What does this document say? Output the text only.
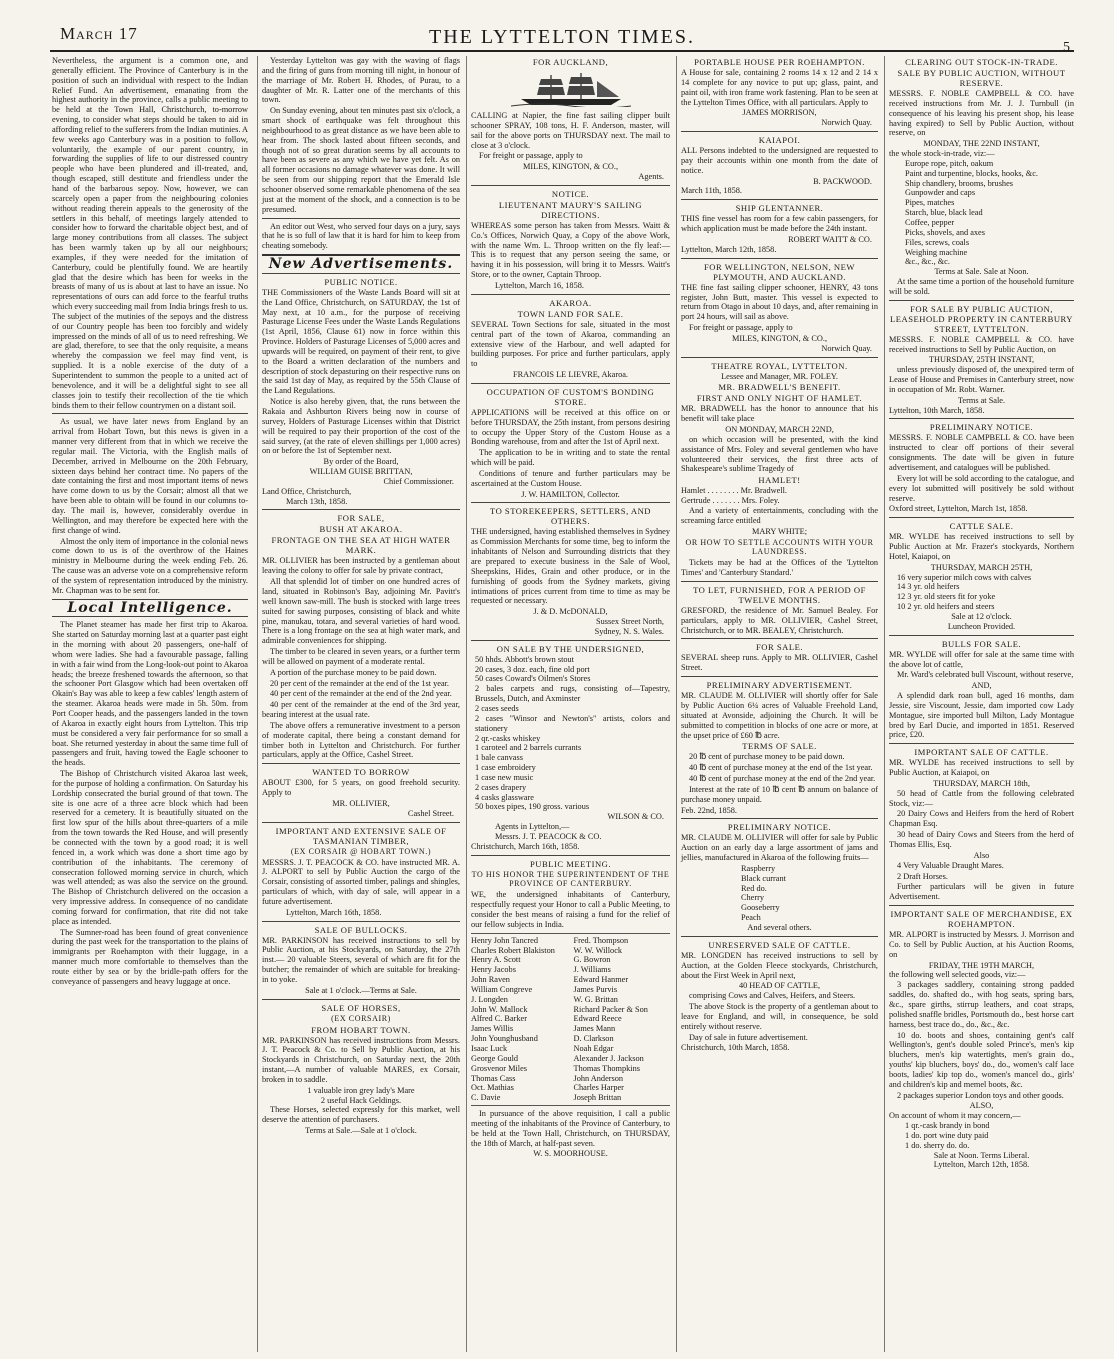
March 17	THE LYTTELTON TIMES.	5

Nevertheless, the argument is a common one, and generally efficient. The Province of Canterbury is in the position of such an individual with respect to the Indian Relief Fund. An advertisement, emanating from the highest authority in the province, calls a public meeting to be held at the Town Hall, Christchurch, to-morrow evening, to consider what steps should be taken to aid in affording relief to the sufferers from the Indian mutinies. A few weeks ago Canterbury was in a position to follow, voluntarily, the example of our parent country, in forwarding the supplies of life to our distressed country people who have been plundered and ill-treated, and, though escaped, still destitute and friendless under the hand of the barbarous sepoy. Now, however, we can scarcely open a paper from the neighbouring colonies without reading therein appeals to the generosity of the settlers in this behalf, of meetings largely attended to consider how to forward the charitable object best, and of large money contributions from all classes. The subject has been warmly taken up by all our neighbours; examples, if they were needed for the imitation of Canterbury, could be plentifully found. We are heartily glad that the desire which has been for weeks in the breasts of many of us is about at last to have an issue. No representations of ours can add force to the fearful truths which every succeeding mail from India brings fresh to us. The subject of the mutinies of the sepoys and the distress of our Country people has been too forcibly and widely impressed on the minds of all of us to need refreshing. We are glad, therefore, to see that the only requisite, a means whereby the compassion we feel may find vent, is supplied. It is a noble exercise of the duty of a Superintendent to summon the people to a united act of benevolence, and it will be a delightful sight to see all classes join to testify their recollection of the tie which binds them to their fellow countrymen on a distant soil.

As usual, we have later news from England by an arrival from Hobart Town, but this news is given in a manner very different from that in which we receive the regular mail. The Victoria, with the English mails of December, arrived in Melbourne on the 20th February, sixteen days behind her contract time. No papers of the date containing the first and most important items of news have come down to us by the Corsair; almost all that we have been able to obtain will be found in our columns to-day. The mail is, however, considerably overdue in Wellington, and may therefore be expected here with the first change of wind.

Almost the only item of importance in the colonial news come down to us is of the overthrow of the Haines ministry in Melbourne during the week ending Feb. 26. The cause was an adverse vote on a comprehensive reform of the system of representation introduced by the ministry. Mr. Chapman was to be sent for.

Local Intelligence.

The Planet steamer has made her first trip to Akaroa. She started on Saturday morning last at a quarter past eight in the morning with about 20 passengers, one-half of whom were ladies. She had a favourable passage, falling in with a fair wind from the Long-look-out point to Akaroa heads; the breeze freshened towards the afternoon, so that the schooner Port Glasgow which had been overtaken off Okain's Bay was able to keep a few cables' length astern of the steamer. Akaroa heads were made in 5h. 50m. from Port Cooper heads, and the passengers landed in the town of Akaroa in exactly eight hours from Lyttelton. This trip must be considered a very fair performance for so small a boat. She returned yesterday in about the same time full of passengers and fruit, having towed the Eagle schooner to the heads.

The Bishop of Christchurch visited Akaroa last week, for the purpose of holding a confirmation. On Saturday his Lordship consecrated the burial ground of that town. The site is one acre of a three acre block which had been reserved for a cemetery. It is beautifully situated on the first low spur of the hills about three-quarters of a mile from the town towards the Red House, and will presently be connected with the town by a good road; it is well fenced in, a work which was done a short time ago by contribution of the inhabitants. The ceremony of consecration followed morning service in church, which was well attended; as was also the service on the ground. The Bishop of Christchurch delivered on the occasion a very impressive address. In consequence of no candidate coming forward for confirmation, that rite did not take place as intended.

The Sumner-road has been found of great convenience during the past week for the transportation to the plains of immigrants per Roehampton with their luggage, in a manner much more comfortable to themselves than the route either by sea or by the bridle-path offers for the conveyance of passengers and heavy luggage at once.

Yesterday Lyttelton was gay with the waving of flags and the firing of guns from morning till night, in honour of the marriage of Mr. Robert H. Rhodes, of Purau, to a daughter of Mr. R. Latter one of the merchants of this town.

On Sunday evening, about ten minutes past six o'clock, a smart shock of earthquake was felt throughout this neighbourhood to as great distance as we have been able to hear from. The shock lasted about fifteen seconds, and though not of so great duration seems by all accounts to have been as severe as any which we have yet felt. As on all former occasions no damage whatever was done. It will be seen from our shipping report that the Emerald Isle schooner observed some remarkable phenomena of the sea just at the moment of the shock, and a connection is to be presumed.

An editor out West, who served four days on a jury, says that he is so full of law that it is hard for him to keep from cheating somebody.

New Advertisements.
PUBLIC NOTICE.

THE Commissioners of the Waste Lands Board will sit at the Land Office, Christchurch, on SATURDAY, the 1st of May next, at 10 a.m., for the purpose of receiving Pasturage License Fees under the Waste Lands Regulations (1st April, 1856, Clause 61) now in force within this Province. Holders of Pasturage Licenses of 5,000 acres and upwards will be required, on payment of their rent, to give to the Board a written declaration of the numbers and description of stock depasturing on their respective runs on the said 1st day of May, as required by the 55th Clause of the Land Regulations.

Notice is also hereby given, that, the runs between the Rakaia and Ashburton Rivers being now in course of survey, Holders of Pasturage Licenses within that District will be required to pay their proportion of the cost of the said survey, (at the rate of eleven shillings per 1,000 acres) on or before the 1st of September next.

By order of the Board,
WILLIAM GUISE BRITTAN,
Chief Commissioner.
Land Office, Christchurch,
March 13th, 1858.
FOR SALE,
BUSH AT AKAROA.
FRONTAGE ON THE SEA AT HIGH WATER MARK.

MR. OLLIVIER has been instructed by a gentleman about leaving the colony to offer for sale by private contract,

All that splendid lot of timber on one hundred acres of land, situated in Robinson's Bay, adjoining Mr. Pavitt's well known saw-mill. The bush is stocked with large trees suited for sawing purposes, consisting of black and white pine, manukau, totara, and several varieties of hard wood. There is a long frontage on the sea at high water mark, and admirable conveniences for shipping.

The timber to be cleared in seven years, or a further term will be allowed on payment of a moderate rental.

A portion of the purchase money to be paid down.

20 per cent of the remainder at the end of the 1st year.

40 per cent of the remainder at the end of the 2nd year.

40 per cent of the remainder at the end of the 3rd year, bearing interest at the usual rate.

The above offers a remunerative investment to a person of moderate capital, there being a constant demand for timber both in Lyttelton and Christchurch. For further particulars, apply at the Office, Cashel Street.

WANTED TO BORROW

ABOUT £300, for 5 years, on good freehold security. Apply to

MR. OLLIVIER,
Cashel Street.
IMPORTANT AND EXTENSIVE SALE OF TASMANIAN TIMBER,
(EX CORSAIR @ HOBART TOWN.)

MESSRS. J. T. PEACOCK & CO. have instructed MR. A. J. ALPORT to sell by Public Auction the cargo of the Corsair, consisting of assorted timber, palings and shingles, particulars of which, with day of sale, will appear in a future advertisement.

Lyttelton, March 16th, 1858.
SALE OF BULLOCKS.

MR. PARKINSON has received instructions to sell by Public Auction, at his Stockyards, on Saturday, the 27th inst.— 20 valuable Steers, several of which are fit for the butcher; the remainder of which are suitable for breaking-in to yoke.

Sale at 1 o'clock.—Terms at Sale.
SALE OF HORSES,
(EX CORSAIR)
FROM HOBART TOWN.

MR. PARKINSON has received instructions from Messrs. J. T. Peacock & Co. to Sell by Public Auction, at his Stockyards in Christchurch, on Saturday next, the 20th instant,—A number of valuable MARES, ex Corsair, broken in to saddle.

1 valuable iron grey lady's Mare
2 useful Hack Geldings.

These Horses, selected expressly for this market, well deserve the attention of purchasers.

Terms at Sale.—Sale at 1 o'clock.
FOR AUCKLAND,

CALLING at Napier, the fine fast sailing clipper built schooner SPRAY, 108 tons, H. F. Anderson, master, will sail for the above ports on THURSDAY next. The mail to close at 3 o'clock.

For freight or passage, apply to

MILES, KINGTON, & CO.,
Agents.
NOTICE.
LIEUTENANT MAURY'S SAILING DIRECTIONS.

WHEREAS some person has taken from Messrs. Waitt & Co.'s Offices, Norwich Quay, a Copy of the above Work, with the name Wm. L. Throop written on the fly leaf:—This is to request that any person seeing the same, or having it in his possession, will bring it to Messrs. Waitt's Store, or to the owner, Captain Throop.

Lyttelton, March 16, 1858.
AKAROA.
TOWN LAND FOR SALE.

SEVERAL Town Sections for sale, situated in the most central part of the town of Akaroa, commanding an extensive view of the Harbour, and well adapted for building purposes. For price and further particulars, apply to

FRANCOIS LE LIEVRE, Akaroa.
OCCUPATION OF CUSTOM'S BONDING STORE.

APPLICATIONS will be received at this office on or before THURSDAY, the 25th instant, from persons desiring to occupy the Upper Story of the Custom House as a Bonding warehouse, from and after the 1st of April next.

The application to be in writing and to state the rental which will be paid.

Conditions of tenure and further particulars may be ascertained at the Custom House.

J. W. HAMILTON, Collector.
TO STOREKEEPERS, SETTLERS, AND OTHERS.

THE undersigned, having established themselves in Sydney as Commission Merchants for some time, beg to inform the inhabitants of Nelson and Surrounding districts that they are prepared to execute business in the Sale of Wool, Sheepskins, Hides, Grain and other produce, or in the furnishing of goods from the Sydney markets, giving intimations of prices current from time to time as may be requested or necessary.

J. & D. McDONALD,
Sussex Street North,
Sydney, N. S. Wales.
ON SALE BY THE UNDERSIGNED,
50 hhds. Abbott's brown stout
20 cases, 3 doz. each, fine old port
50 cases Coward's Oilmen's Stores
2 bales carpets and rugs, consisting of—Tapestry, Brussels, Dutch, and Axminster
2 cases seeds
2 cases "Winsor and Newton's" artists, colors and stationery
2 qr.-casks whiskey
1 caroteel and 2 barrels currants
1 bale canvass
1 case embroidery
1 case new music
2 cases drapery
4 casks glassware
50 boxes pipes, 190 gross. various
WILSON & CO.
Agents in Lyttelton,—
Messrs. J. T. PEACOCK & CO.
Christchurch, March 16th, 1858.
PUBLIC MEETING.
TO HIS HONOR THE SUPERINTENDENT OF THE PROVINCE OF CANTERBURY.

WE, the undersigned inhabitants of Canterbury, respectfully request your Honor to call a Public Meeting, to consider the best means of raising a fund for the relief of our fellow subjects in India.

Henry John Tancred
Charles Robert Blakiston
Henry A. Scott
Henry Jacobs
John Raven
William Congreve
J. Longden
John W. Mallock
Alfred C. Barker
James Willis
John Younghusband
Isaac Luck
George Gould
Grosvenor Miles
Thomas Cass
Oct. Mathias
C. Davie
Fred. Thompson
W. W. Willock
G. Bowron
J. Williams
Edward Hanmer
James Purvis
W. G. Brittan
Richard Packer & Son
Edward Reece
James Mann
D. Clarkson
Noah Edgar
Alexander J. Jackson
Thomas Thompkins
John Anderson
Charles Harper
Joseph Brittan

In pursuance of the above requisition, I call a public meeting of the inhabitants of the Province of Canterbury, to be held at the Town Hall, Christchurch, on THURSDAY, the 18th of March, at half-past seven.

W. S. MOORHOUSE.
PORTABLE HOUSE PER ROEHAMPTON.

A House for sale, containing 2 rooms 14 x 12 and 2 14 x 14 complete for any novice to put up; glass, paint, and paint oil, with iron frame work fastening. Plan to be seen at the Lyttelton Times Office, with all particulars. Apply to

JAMES MORRISON,
Norwich Quay.
KAIAPOI.

ALL Persons indebted to the undersigned are requested to pay their accounts within one month from the date of notice.

B. PACKWOOD.
March 11th, 1858.
SHIP GLENTANNER.

THIS fine vessel has room for a few cabin passengers, for which application must be made before the 24th instant.

ROBERT WAITT & CO.
Lyttelton, March 12th, 1858.
FOR WELLINGTON, NELSON, NEW PLYMOUTH, AND AUCKLAND.

THE fine fast sailing clipper schooner, HENRY, 43 tons register, John Butt, master. This vessel is expected to return from Otago in about 10 days, and, after remaining in port 24 hours, will sail as above.

For freight or passage, apply to

MILES, KINGTON, & CO.,
Norwich Quay.
THEATRE ROYAL, LYTTELTON.
Lessee and Manager, MR. FOLEY.
MR. BRADWELL'S BENEFIT.
FIRST AND ONLY NIGHT OF HAMLET.

MR. BRADWELL has the honor to announce that his benefit will take place

ON MONDAY, MARCH 22ND,

on which occasion will be presented, with the kind assistance of Mrs. Foley and several gentlemen who have volunteered their services, the first three acts of Shakespeare's sublime Tragedy of

HAMLET!
Hamlet . . . . . . . . Mr. Bradwell.
Gertrude . . . . . . . Mrs. Foley.

And a variety of entertainments, concluding with the screaming farce entitled

MARY WHITE;
OR HOW TO SETTLE ACCOUNTS WITH YOUR LAUNDRESS.

Tickets may be had at the Offices of the 'Lyttelton Times' and 'Canterbury Standard.'

TO LET, FURNISHED, FOR A PERIOD OF TWELVE MONTHS.

GRESFORD, the residence of Mr. Samuel Bealey. For particulars, apply to MR. OLLIVIER, Cashel Street, Christchurch, or to MR. BEALEY, Christchurch.

FOR SALE.

SEVERAL sheep runs. Apply to MR. OLLIVIER, Cashel Street.

PRELIMINARY ADVERTISEMENT.

MR. CLAUDE M. OLLIVIER will shortly offer for Sale by Public Auction 6¼ acres of Valuable Freehold Land, situated at Avonside, adjoining the Church. It will be submitted to competition in blocks of one acre or more, at the upset price of £60 ℔ acre.

TERMS OF SALE.

20 ℔ cent of purchase money to be paid down.

40 ℔ cent of purchase money at the end of the 1st year.

40 ℔ cent of purchase money at the end of the 2nd year.

Interest at the rate of 10 ℔ cent ℔ annum on balance of purchase money unpaid.

Feb. 22nd, 1858.
PRELIMINARY NOTICE.

MR. CLAUDE M. OLLIVIER will offer for sale by Public Auction on an early day a large assortment of jams and jellies, manufactured in Akaroa of the following fruits—

Raspberry
Black currant
Red do.
Cherry
Gooseberry
Peach
And several others.
UNRESERVED SALE OF CATTLE.

MR. LONGDEN has received instructions to sell by Auction, at the Golden Fleece stockyards, Christchurch, about the First Week in April next,

40 HEAD OF CATTLE,

comprising Cows and Calves, Heifers, and Steers.

The above Stock is the property of a gentleman about to leave for England, and will, in consequence, be sold entirely without reserve.

Day of sale in future advertisement.

Christchurch, 10th March, 1858.
CLEARING OUT STOCK-IN-TRADE.
SALE BY PUBLIC AUCTION, WITHOUT RESERVE.

MESSRS. F. NOBLE CAMPBELL & CO. have received instructions from Mr. J. J. Turnbull (in consequence of his leaving his present shop, his lease having expired) to Sell by Public Auction, without reserve, on

MONDAY, THE 22ND INSTANT,
the whole stock-in-trade, viz:—
Europe rope, pitch, oakum
Paint and turpentine, blocks, hooks, &c.
Ship chandlery, brooms, brushes
Gunpowder and caps
Pipes, matches
Starch, blue, black lead
Coffee, pepper
Picks, shovels, and axes
Files, screws, coals
Weighing machine
&c., &c., &c.
Terms at Sale. Sale at Noon.

At the same time a portion of the household furniture will be sold.

FOR SALE BY PUBLIC AUCTION, LEASEHOLD PROPERTY IN CANTERBURY STREET, LYTTELTON.

MESSRS. F. NOBLE CAMPBELL & CO. have received instructions to Sell by Public Auction, on

THURSDAY, 25TH INSTANT,

unless previously disposed of, the unexpired term of Lease of House and Premises in Canterbury street, now in occupation of Mr. Robt. Warner.

Terms at Sale.
Lyttelton, 10th March, 1858.
PRELIMINARY NOTICE.

MESSRS. F. NOBLE CAMPBELL & CO. have been instructed to clear off portions of their several consignments. The date will be given in future advertisement, and catalogues will be published.

Every lot will be sold according to the catalogue, and every lot submitted will positively be sold without reserve.

Oxford street, Lyttelton, March 1st, 1858.
CATTLE SALE.

MR. WYLDE has received instructions to sell by Public Auction at Mr. Frazer's stockyards, Northern Hotel, Kaiapoi, on

THURSDAY, MARCH 25TH,
16 very superior milch cows with calves
14 3 yr. old heifers
12 3 yr. old steers fit for yoke
10 2 yr. old heifers and steers
Sale at 12 o'clock.
Luncheon Provided.
BULLS FOR SALE.

MR. WYLDE will offer for sale at the same time with the above lot of cattle,

Mr. Ward's celebrated bull Viscount, without reserve,

AND,

A splendid dark roan bull, aged 16 months, dam Jessie, sire Viscount, Jessie, dam imported cow Lady Montague, sire imported bull Milton, Lady Montague bred by Earl Ducie, and imported in 1851. Reserved price, £20.

IMPORTANT SALE OF CATTLE.

MR. WYLDE has received instructions to sell by Public Auction, at Kaiapoi, on

THURSDAY, MARCH 18th,

50 head of Cattle from the following celebrated Stock, viz:—

20 Dairy Cows and Heifers from the herd of Robert Chapman Esq.

30 head of Dairy Cows and Steers from the herd of Thomas Ellis, Esq.

Also

4 Very Valuable Draught Mares.

2 Draft Horses.

Further particulars will be given in future Advertisement.

IMPORTANT SALE OF MERCHANDISE, EX ROEHAMPTON.

MR. ALPORT is instructed by Messrs. J. Morrison and Co. to Sell by Public Auction, at his Auction Rooms, on

FRIDAY, THE 19TH MARCH,
the following well selected goods, viz:—

3 packages saddlery, containing strong padded saddles, do. shafted do., with hog seats, spring bars, &c., spare girths, stirrup leathers, and coat straps, polished snaffle bridles, Portsmouth do., best horse cart harness, best trace do., do., &c., &c.

10 do. boots and shoes, containing gent's calf Wellington's, gent's double soled Prince's, men's kip bluchers, men's kip watertights, men's grain do., youths' kip bluchers, boys' do., do., women's calf lace boots, ladies' kip top do., women's mancel do., girls' and children's kip and memel boots, &c.

2 packages superior London toys and other goods.

ALSO,
On account of whom it may concern,—
1 qr.-cask brandy in bond
1 do. port wine duty paid
1 do. sherry do. do.
Sale at Noon. Terms Liberal.
Lyttelton, March 12th, 1858.
